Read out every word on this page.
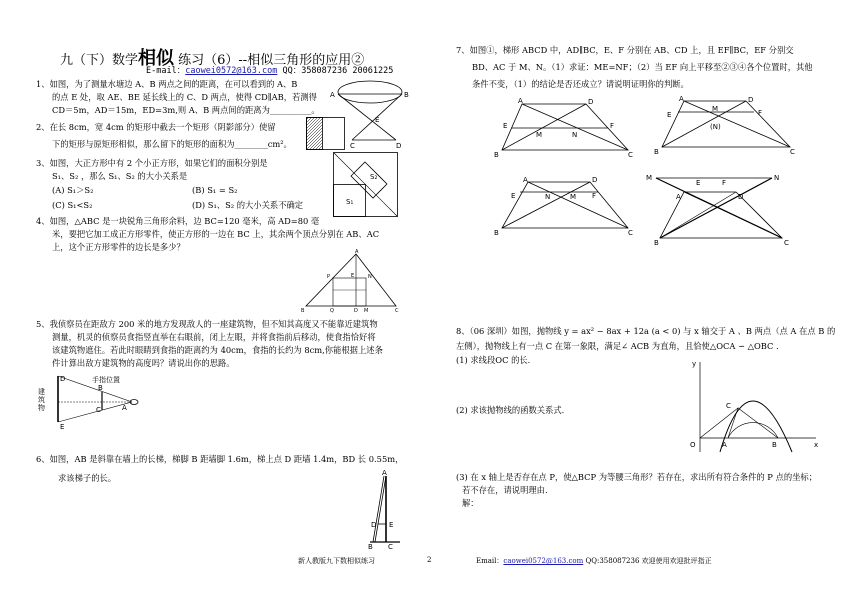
九（下）数学相似 练习（6）--相似三角形的应用②
E-mail：caowei0572@163.com QQ：358087236 20061225
1、如图，为了测量水塘边 A、B 两点之间的距离，在可以看到的 A、B
的点 E 处，取 AE、BE 延长线上的 C、D 两点，使得 CD∥AB，若测得
CD＝5m，AD＝15m，ED=3m,则 A、B 两点间的距离为__________。
A	B
E
C	D
2、在长 8cm，宽 4cm 的矩形中截去一个矩形（阴影部分）使留
下的矩形与原矩形相似，那么留下的矩形的面积为________cm²。
3、如图，大正方形中有 2 个小正方形，如果它们的面积分别是
S₁、S₂ ，那么 S₁、S₂ 的大小关系是
(A) S₁＞S₂	(B) S₁ = S₂
(C) S₁<S₂	(D) S₁、S₂ 的大小关系不确定
S₂
S₁
4、如图，△ABC 是一块锐角三角形余料，边 BC=120 毫米，高 AD=80 毫
米，要把它加工成正方形零件，使正方形的一边在 BC 上，其余两个顶点分别在 AB、AC
上，这个正方形零件的边长是多少？	A
P	E	N
B	Q	D M	C
5、我侦察员在距敌方 200 米的地方发现敌人的一座建筑物，但不知其高度又不能靠近建筑物
测量，机灵的侦察员食指竖直举在右眼前，闭上左眼，并将食指前后移动，使食指恰好将
该建筑物遮住。若此时眼睛到食指的距离约为 40cm，食指的长约为 8cm,你能根据上述条
件计算出敌方建筑物的高度吗？请说出你的思路。
手指位置
建
筑
物
D
B
E
C	A
6、如图，AB 是斜靠在墙上的长梯，梯脚 B 距墙脚 1.6m，梯上点 D 距墙 1.4m，BD 长 0.55m，
求该梯子的长。	A
D E
B C
7、如图①，梯形 ABCD 中，AD∥BC，E、F 分别在 AB、CD 上，且 EF∥BC，EF 分别交
BD、AC 于 M、N。（1）求证：ME=NF；（2）当 EF 向上平移至②③④各个位置时，其他
条件不变，（1）的结论是否还成立？请说明证明你的判断。
A	D
E
M	N
F
B	C
A	D
E
M	F
(N)
B	C
A	D
E	N	M F
B	C
M
E	F
N
A	D
B	C
8、（06 深圳）如图，抛物线 y = ax² − 8ax + 12a (a < 0) 与 x 轴交于 A 、B 两点（点 A 在点 B 的
左侧），抛物线上有一点 C 在第一象限，满足∠ ACB 为直角，且恰使△OCA ∽ △OBC .
(1) 求线段OC 的长.
(2) 求该抛物线的函数关系式.
(3) 在 x 轴上是否存在点 P，使△BCP 为等腰三角形？若存在，求出所有符合条件的 P 点的坐标；
若不存在，请说明理由.
解：
y
C
O	A	B	x
新人教版九下数相似练习	2	Email：caowei0572@163.com QQ:358087236 欢迎使用欢迎批评指正
